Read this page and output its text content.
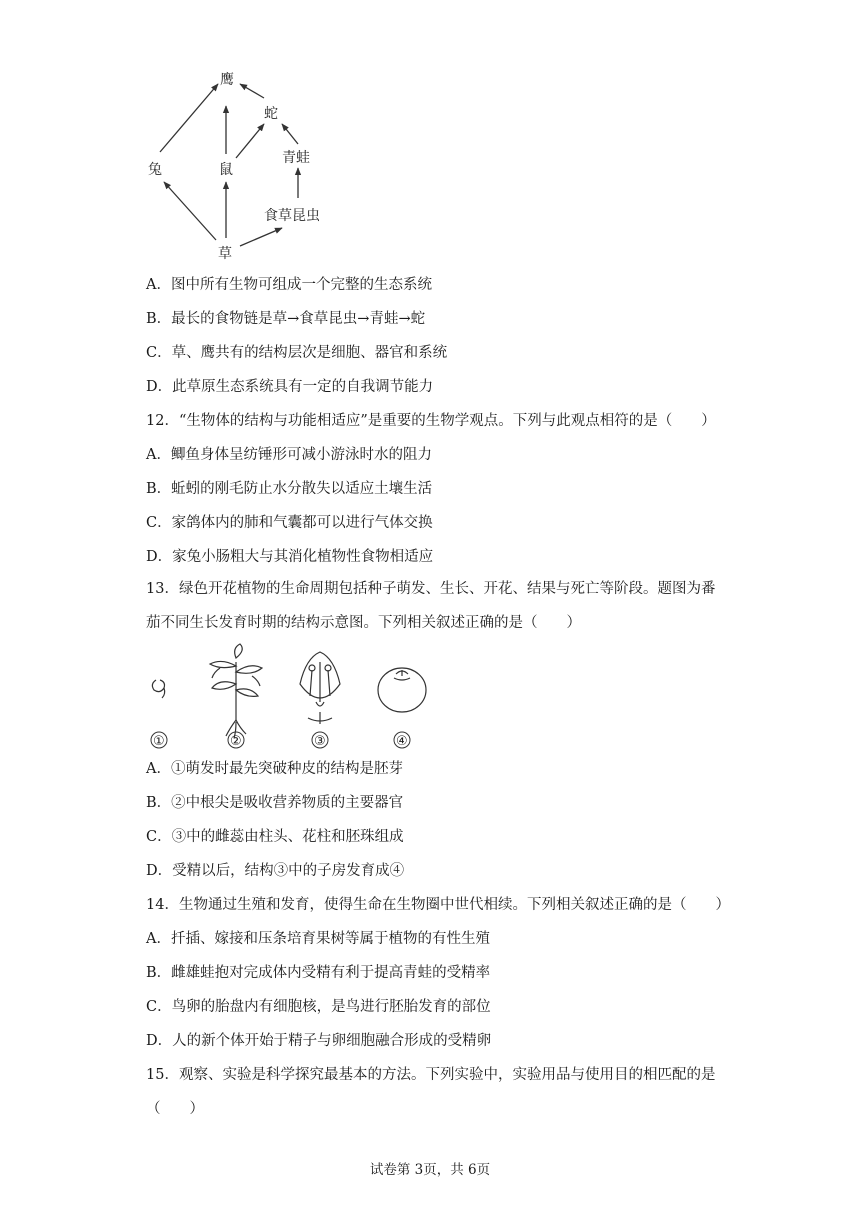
鹰
蛇
兔	鼠
青蛙
食草昆虫
草
A．图中所有生物可组成一个完整的生态系统
B．最长的食物链是草→食草昆虫→青蛙→蛇
C．草、鹰共有的结构层次是细胞、器官和系统
D．此草原生态系统具有一定的自我调节能力
12．“生物体的结构与功能相适应”是重要的生物学观点。下列与此观点相符的是（　　）
A．鲫鱼身体呈纺锤形可减小游泳时水的阻力
B．蚯蚓的刚毛防止水分散失以适应土壤生活
C．家鸽体内的肺和气囊都可以进行气体交换
D．家兔小肠粗大与其消化植物性食物相适应
13．绿色开花植物的生命周期包括种子萌发、生长、开花、结果与死亡等阶段。题图为番茄不同生长发育时期的结构示意图。下列相关叙述正确的是（　　）
①	②	③	④
A．①萌发时最先突破种皮的结构是胚芽
B．②中根尖是吸收营养物质的主要器官
C．③中的雌蕊由柱头、花柱和胚珠组成
D．受精以后，结构③中的子房发育成④
14．生物通过生殖和发育，使得生命在生物圈中世代相续。下列相关叙述正确的是（　　）
A．扦插、嫁接和压条培育果树等属于植物的有性生殖
B．雌雄蛙抱对完成体内受精有利于提高青蛙的受精率
C．鸟卵的胎盘内有细胞核，是鸟进行胚胎发育的部位
D．人的新个体开始于精子与卵细胞融合形成的受精卵
15．观察、实验是科学探究最基本的方法。下列实验中，实验用品与使用目的相匹配的是（　　）
试卷第 3页，共 6页
